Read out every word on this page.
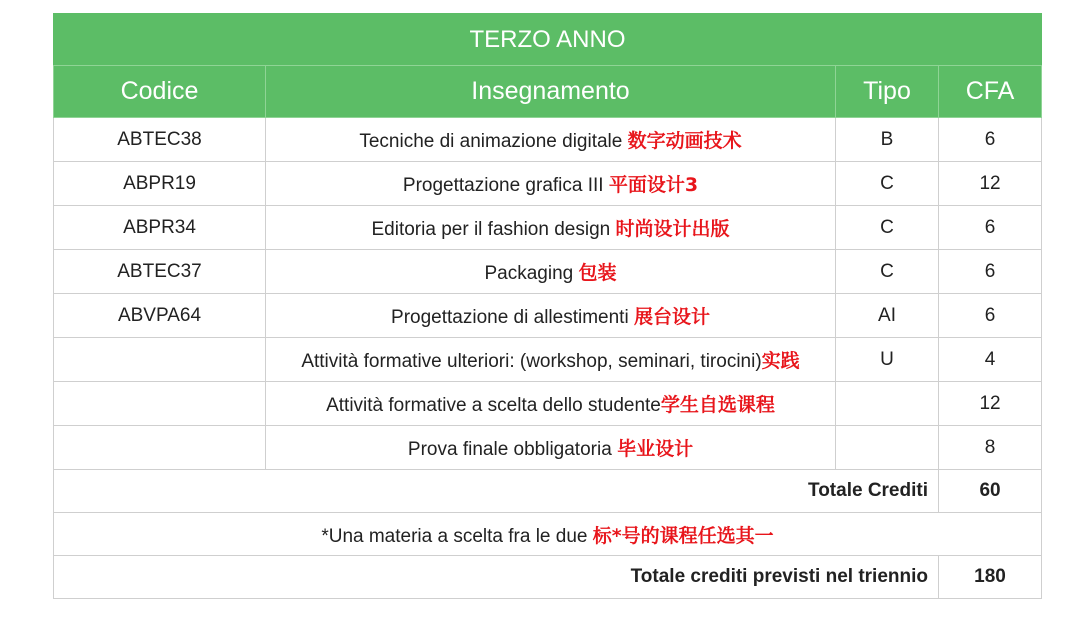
TERZO ANNO			
Codice	Insegnamento	Tipo	CFA
ABTEC38	Tecniche di animazione digitale 数字动画技术	B	6
ABPR19	Progettazione grafica III 平面设计3	C	12
ABPR34	Editoria per il fashion design 时尚设计出版	C	6
ABTEC37	Packaging 包装	C	6
ABVPA64	Progettazione di allestimenti 展台设计	AI	6
	Attività formative ulteriori: (workshop, seminari, tirocini)实践	U	4
	Attività formative a scelta dello studente学生自选课程		12
	Prova finale obbligatoria 毕业设计		8
Totale Crediti			60
*Una materia a scelta fra le due 标*号的课程任选其一			
Totale crediti previsti nel triennio			180
